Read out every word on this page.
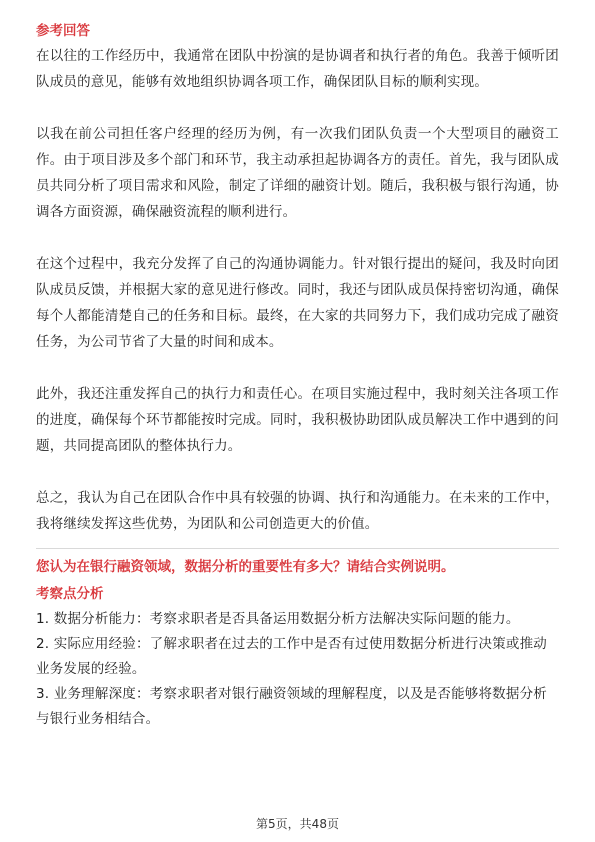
参考回答

在以往的工作经历中，我通常在团队中扮演的是协调者和执行者的角色。我善于倾听团队成员的意见，能够有效地组织协调各项工作，确保团队目标的顺利实现。

以我在前公司担任客户经理的经历为例，有一次我们团队负责一个大型项目的融资工作。由于项目涉及多个部门和环节，我主动承担起协调各方的责任。首先，我与团队成员共同分析了项目需求和风险，制定了详细的融资计划。随后，我积极与银行沟通，协调各方面资源，确保融资流程的顺利进行。

在这个过程中，我充分发挥了自己的沟通协调能力。针对银行提出的疑问，我及时向团队成员反馈，并根据大家的意见进行修改。同时，我还与团队成员保持密切沟通，确保每个人都能清楚自己的任务和目标。最终，在大家的共同努力下，我们成功完成了融资任务，为公司节省了大量的时间和成本。

此外，我还注重发挥自己的执行力和责任心。在项目实施过程中，我时刻关注各项工作的进度，确保每个环节都能按时完成。同时，我积极协助团队成员解决工作中遇到的问题，共同提高团队的整体执行力。

总之，我认为自己在团队合作中具有较强的协调、执行和沟通能力。在未来的工作中，我将继续发挥这些优势，为团队和公司创造更大的价值。

您认为在银行融资领域，数据分析的重要性有多大？请结合实例说明。
考察点分析

1. 数据分析能力：考察求职者是否具备运用数据分析方法解决实际问题的能力。

2. 实际应用经验：了解求职者在过去的工作中是否有过使用数据分析进行决策或推动业务发展的经验。

3. 业务理解深度：考察求职者对银行融资领域的理解程度，以及是否能够将数据分析与银行业务相结合。

第5页，共48页
